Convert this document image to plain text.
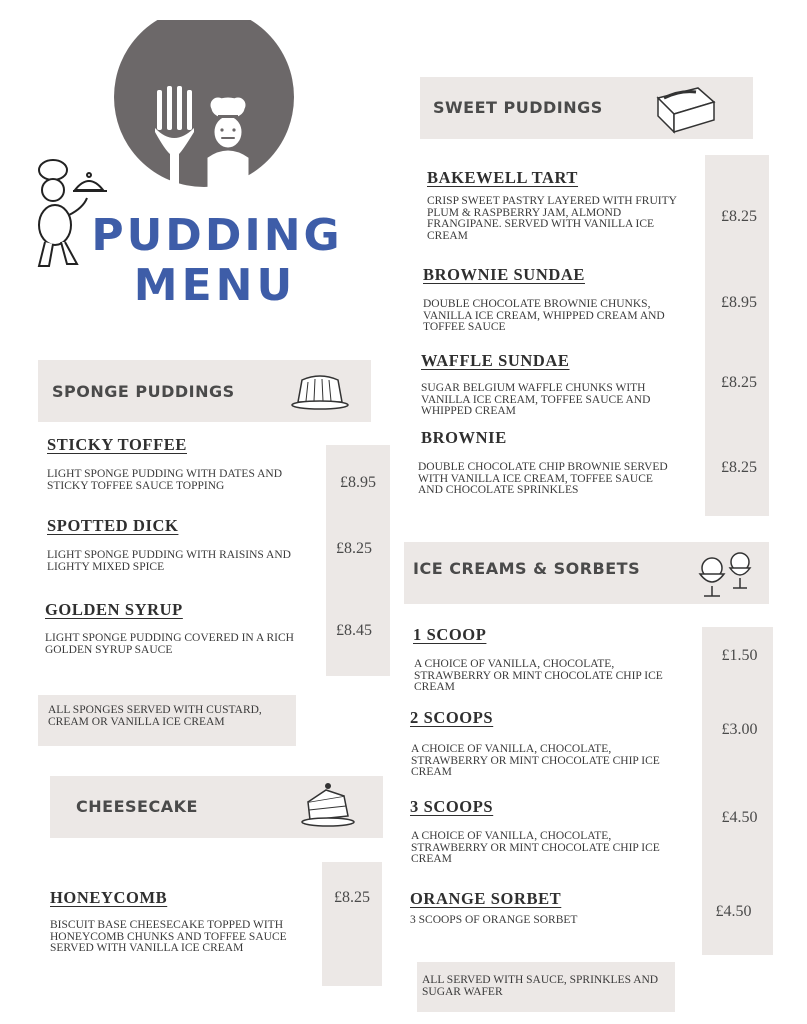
PUDDING
MENU
SPONGE PUDDINGS
STICKY TOFFEE
LIGHT SPONGE PUDDING WITH DATES AND STICKY TOFFEE SAUCE TOPPING	£8.95
SPOTTED DICK
LIGHT SPONGE PUDDING WITH RAISINS AND LIGHTY MIXED SPICE
£8.25
GOLDEN SYRUP
LIGHT SPONGE PUDDING COVERED IN A RICH GOLDEN SYRUP SAUCE
£8.45
ALL SPONGES SERVED WITH CUSTARD, CREAM OR VANILLA ICE CREAM
CHEESECAKE
HONEYCOMB
BISCUIT BASE CHEESECAKE TOPPED WITH HONEYCOMB CHUNKS AND TOFFEE SAUCE SERVED WITH VANILLA ICE CREAM
£8.25
SWEET PUDDINGS
BAKEWELL TART
CRISP SWEET PASTRY LAYERED WITH FRUITY PLUM & RASPBERRY JAM, ALMOND FRANGIPANE. SERVED WITH VANILLA ICE CREAM
£8.25
BROWNIE SUNDAE
DOUBLE CHOCOLATE BROWNIE CHUNKS, VANILLA ICE CREAM, WHIPPED CREAM AND TOFFEE SAUCE
£8.95
WAFFLE SUNDAE
SUGAR BELGIUM WAFFLE CHUNKS WITH VANILLA ICE CREAM, TOFFEE SAUCE AND WHIPPED CREAM
£8.25
BROWNIE
DOUBLE CHOCOLATE CHIP BROWNIE SERVED WITH VANILLA ICE CREAM, TOFFEE SAUCE AND CHOCOLATE SPRINKLES
£8.25
ICE CREAMS & SORBETS
1 SCOOP
A CHOICE OF VANILLA, CHOCOLATE, STRAWBERRY OR MINT CHOCOLATE CHIP ICE CREAM
£1.50
2 SCOOPS
A CHOICE OF VANILLA, CHOCOLATE, STRAWBERRY OR MINT CHOCOLATE CHIP ICE CREAM
£3.00
3 SCOOPS
A CHOICE OF VANILLA, CHOCOLATE, STRAWBERRY OR MINT CHOCOLATE CHIP ICE CREAM
£4.50
ORANGE SORBET
3 SCOOPS OF ORANGE SORBET	£4.50
ALL SERVED WITH SAUCE, SPRINKLES AND SUGAR WAFER
